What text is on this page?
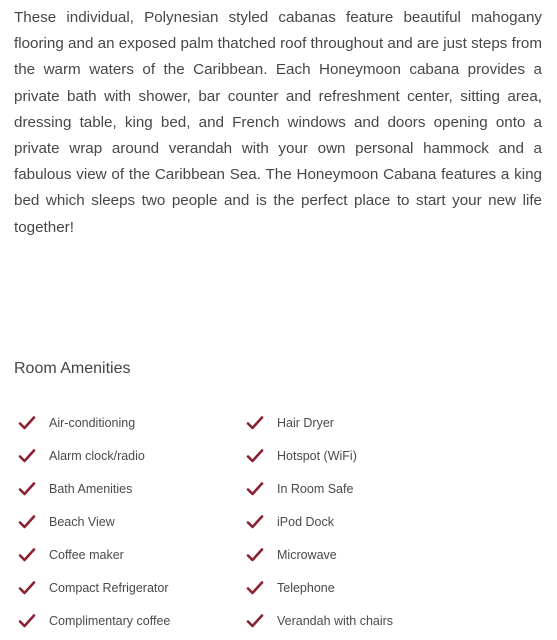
These individual, Polynesian styled cabanas feature beautiful mahogany flooring and an exposed palm thatched roof throughout and are just steps from the warm waters of the Caribbean. Each Honeymoon cabana provides a private bath with shower, bar counter and refreshment center, sitting area, dressing table, king bed, and French windows and doors opening onto a private wrap around verandah with your own personal hammock and a fabulous view of the Caribbean Sea. The Honeymoon Cabana features a king bed which sleeps two people and is the perfect place to start your new life together!

Room Amenities
Air-conditioning
Alarm clock/radio
Bath Amenities
Beach View
Coffee maker
Compact Refrigerator
Complimentary coffee
Hair Dryer
Hotspot (WiFi)
In Room Safe
iPod Dock
Microwave
Telephone
Verandah with chairs
